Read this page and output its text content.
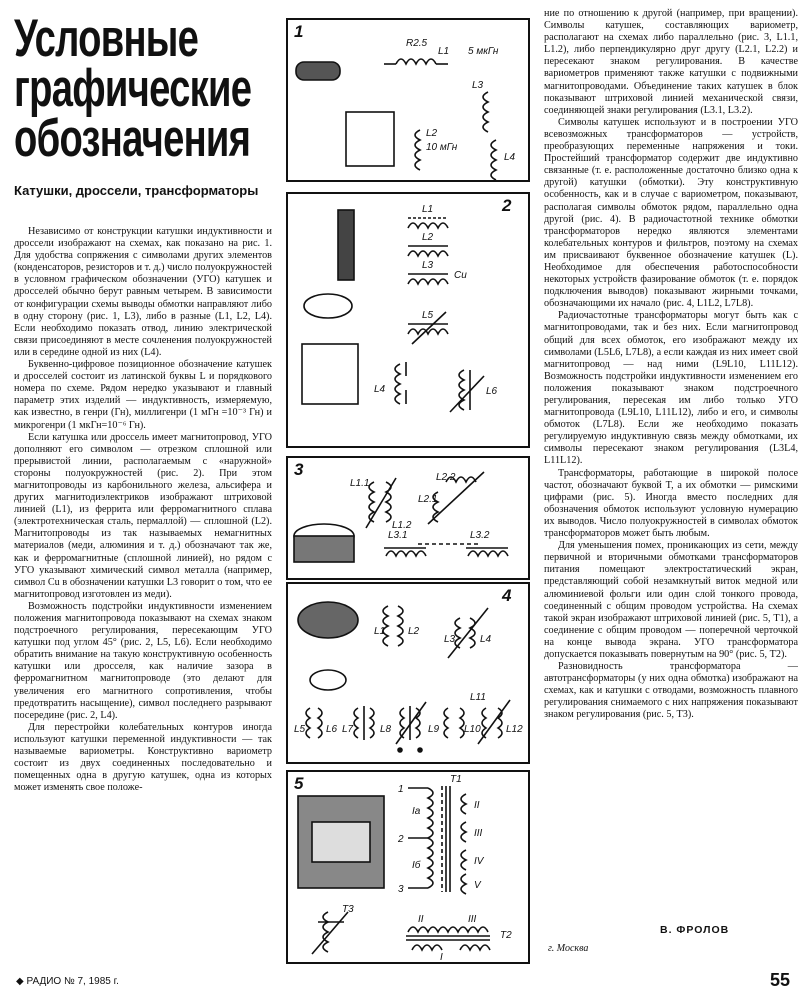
Условные графические обозначения
Катушки, дроссели, трансформаторы

Независимо от конструкции катушки индуктивности и дроссели изображают на схемах, как показано на рис. 1. Для удобства сопряжения с символами других элементов (конденсаторов, резисторов и т. д.) число полуокружностей в условном графическом обозначении (УГО) катушек и дросселей обычно берут равным четырем. В зависимости от конфигурации схемы выводы обмотки направляют либо в одну сторону (рис. 1, L3), либо в разные (L1, L2, L4). Если необходимо показать отвод, линию электрической связи присоединяют в месте сочленения полуокружностей или в середине одной из них (L4).

Буквенно-цифровое позиционное обозначение катушек и дросселей состоит из латинской буквы L и порядкового номера по схеме. Рядом нередко указывают и главный параметр этих изделий — индуктивность, измеряемую, как известно, в генри (Гн), миллигенри (1 мГн =10⁻³ Гн) и микрогенри (1 мкГн=10⁻⁶ Гн).

Если катушка или дроссель имеет магнитопровод, УГО дополняют его символом — отрезком сплошной или прерывистой линии, располагаемым с «наружной» стороны полуокружностей (рис. 2). При этом магнитопроводы из карбонильного железа, альсифера и других магнитодиэлектриков изображают штриховой линией (L1), из феррита или ферромагнитного сплава (электротехническая сталь, пермаллой) — сплошной (L2). Магнитопроводы из так называемых немагнитных материалов (меди, алюминия и т. д.) обозначают так же, как и ферромагнитные (сплошной линией), но рядом с УГО указывают химический символ металла (например, символ Cu в обозначении катушки L3 говорит о том, что ее магнитопровод изготовлен из меди).

Возможность подстройки индуктивности изменением положения магнитопровода показывают на схемах знаком подстроечного регулирования, пересекающим УГО катушки под углом 45° (рис. 2, L5, L6). Если необходимо обратить внимание на такую конструктивную особенность катушки или дросселя, как наличие зазора в ферромагнитном магнитопроводе (это делают для увеличения его магнитного сопротивления, чтобы предотвратить насыщение), символ последнего разрывают посередине (рис. 2, L4).

Для перестройки колебательных контуров иногда используют катушки переменной индуктивности — так называемые вариометры. Конструктивно вариометр состоит из двух соединенных последовательно и помещенных одна в другую катушек, одна из которых может изменять свое положе-

1
R2.5
L1 5 мкГн
L3
L2
10 мГн
L4
2
L1
L2
L3
Cu
L5
L4	L6
3
L1.1
L1.2
L2.2
L2.1
L3.1	L3.2
4
L1 L2
L3 L4
L5 L6 L7	L8	L9 L10
L11
L12
5	1
2
3
T1
Iа
Iб
II
III
IV
V
T3
II	III
I
T2

ние по отношению к другой (например, при вращении). Символы катушек, составляющих вариометр, располагают на схемах либо параллельно (рис. 3, L1.1, L1.2), либо перпендикулярно друг другу (L2.1, L2.2) и пересекают знаком регулирования. В качестве вариометров применяют также катушки с подвижными магнитопроводами. Объединение таких катушек в блок показывают штриховой линией механической связи, соединяющей знаки регулирования (L3.1, L3.2).

Символы катушек используют и в построении УГО всевозможных трансформаторов — устройств, преобразующих переменные напряжения и токи. Простейший трансформатор содержит две индуктивно связанные (т. е. расположенные достаточно близко одна к другой) катушки (обмотки). Эту конструктивную особенность, как и в случае с вариометром, показывают, располагая символы обмоток рядом, параллельно одна другой (рис. 4). В радиочастотной технике обмотки трансформаторов нередко являются элементами колебательных контуров и фильтров, поэтому на схемах им присваивают буквенное обозначение катушек (L). Необходимое для обеспечения работоспособности некоторых устройств фазирование обмоток (т. е. порядок подключения выводов) показывают жирными точками, обозначающими их начало (рис. 4, L1L2, L7L8).

Радиочастотные трансформаторы могут быть как с магнитопроводами, так и без них. Если магнитопровод общий для всех обмоток, его изображают между их символами (L5L6, L7L8), а если каждая из них имеет свой магнитопровод — над ними (L9L10, L11L12). Возможность подстройки индуктивности изменением его положения показывают знаком подстроечного регулирования, пересекая им либо только УГО магнитопровода (L9L10, L11L12), либо и его, и символы обмоток (L7L8). Если же необходимо показать регулируемую индуктивную связь между обмотками, их символы пересекают знаком регулирования (L3L4, L11L12).

Трансформаторы, работающие в широкой полосе частот, обозначают буквой T, а их обмотки — римскими цифрами (рис. 5). Иногда вместо последних для обозначения обмоток используют условную нумерацию их выводов. Число полуокружностей в символах обмоток трансформаторов может быть любым.

Для уменьшения помех, проникающих из сети, между первичной и вторичными обмотками трансформаторов питания помещают электростатический экран, представляющий собой незамкнутый виток медной или алюминиевой фольги или один слой тонкого провода, соединенный с общим проводом устройства. На схемах такой экран изображают штриховой линией (рис. 5, T1), а соединение с общим проводом — поперечной черточкой на конце вывода экрана. УГО трансформатора допускается показывать повернутым на 90° (рис. 5, T2).

Разновидность трансформатора — автотрансформаторы (у них одна обмотка) изображают на схемах, как и катушки с отводами, возможность плавного регулирования снимаемого с них напряжения показывают знаком регулирования (рис. 5, T3).

В. ФРОЛОВ
г. Москва
◆ РАДИО № 7, 1985 г.	55
